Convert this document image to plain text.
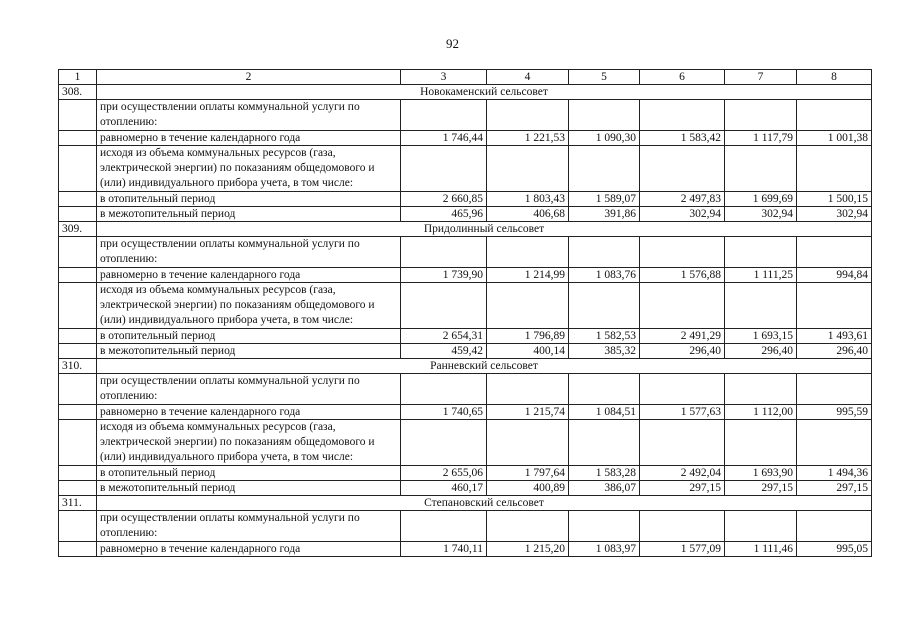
92
1	2	3	4	5	6	7	8
308.	Новокаменский сельсовет						
	при осуществлении оплаты коммунальной услуги по отоплению:						
	равномерно в течение календарного года	1 746,44	1 221,53	1 090,30	1 583,42	1 117,79	1 001,38
	исходя из объема коммунальных ресурсов (газа, электрической энергии) по показаниям общедомового и (или) индивидуального прибора учета, в том числе:						
	в отопительный период	2 660,85	1 803,43	1 589,07	2 497,83	1 699,69	1 500,15
	в межотопительный период	465,96	406,68	391,86	302,94	302,94	302,94
309.	Придолинный сельсовет						
	при осуществлении оплаты коммунальной услуги по отоплению:						
	равномерно в течение календарного года	1 739,90	1 214,99	1 083,76	1 576,88	1 111,25	994,84
	исходя из объема коммунальных ресурсов (газа, электрической энергии) по показаниям общедомового и (или) индивидуального прибора учета, в том числе:						
	в отопительный период	2 654,31	1 796,89	1 582,53	2 491,29	1 693,15	1 493,61
	в межотопительный период	459,42	400,14	385,32	296,40	296,40	296,40
310.	Ранневский сельсовет						
	при осуществлении оплаты коммунальной услуги по отоплению:						
	равномерно в течение календарного года	1 740,65	1 215,74	1 084,51	1 577,63	1 112,00	995,59
	исходя из объема коммунальных ресурсов (газа, электрической энергии) по показаниям общедомового и (или) индивидуального прибора учета, в том числе:						
	в отопительный период	2 655,06	1 797,64	1 583,28	2 492,04	1 693,90	1 494,36
	в межотопительный период	460,17	400,89	386,07	297,15	297,15	297,15
311.	Степановский сельсовет						
	при осуществлении оплаты коммунальной услуги по отоплению:						
	равномерно в течение календарного года	1 740,11	1 215,20	1 083,97	1 577,09	1 111,46	995,05
